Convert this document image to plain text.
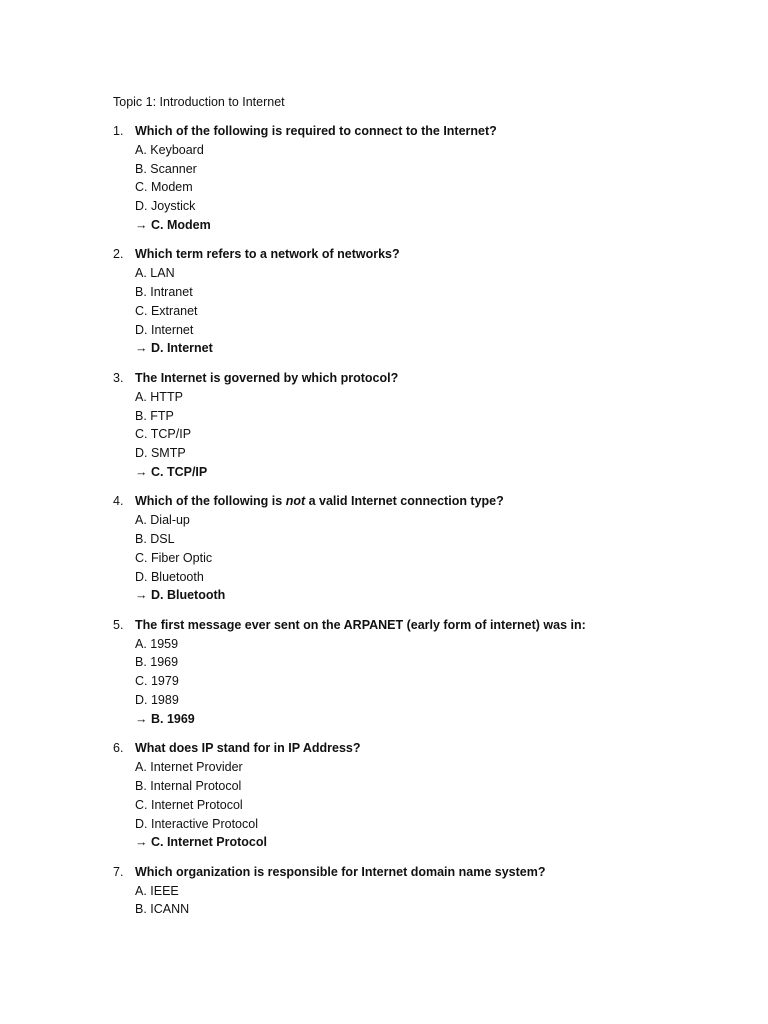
Topic 1: Introduction to Internet
1. Which of the following is required to connect to the Internet?
A. Keyboard
B. Scanner
C. Modem
D. Joystick
→ C. Modem
2. Which term refers to a network of networks?
A. LAN
B. Intranet
C. Extranet
D. Internet
→ D. Internet
3. The Internet is governed by which protocol?
A. HTTP
B. FTP
C. TCP/IP
D. SMTP
→ C. TCP/IP
4. Which of the following is not a valid Internet connection type?
A. Dial-up
B. DSL
C. Fiber Optic
D. Bluetooth
→ D. Bluetooth
5. The first message ever sent on the ARPANET (early form of internet) was in:
A. 1959
B. 1969
C. 1979
D. 1989
→ B. 1969
6. What does IP stand for in IP Address?
A. Internet Provider
B. Internal Protocol
C. Internet Protocol
D. Interactive Protocol
→ C. Internet Protocol
7. Which organization is responsible for Internet domain name system?
A. IEEE
B. ICANN
